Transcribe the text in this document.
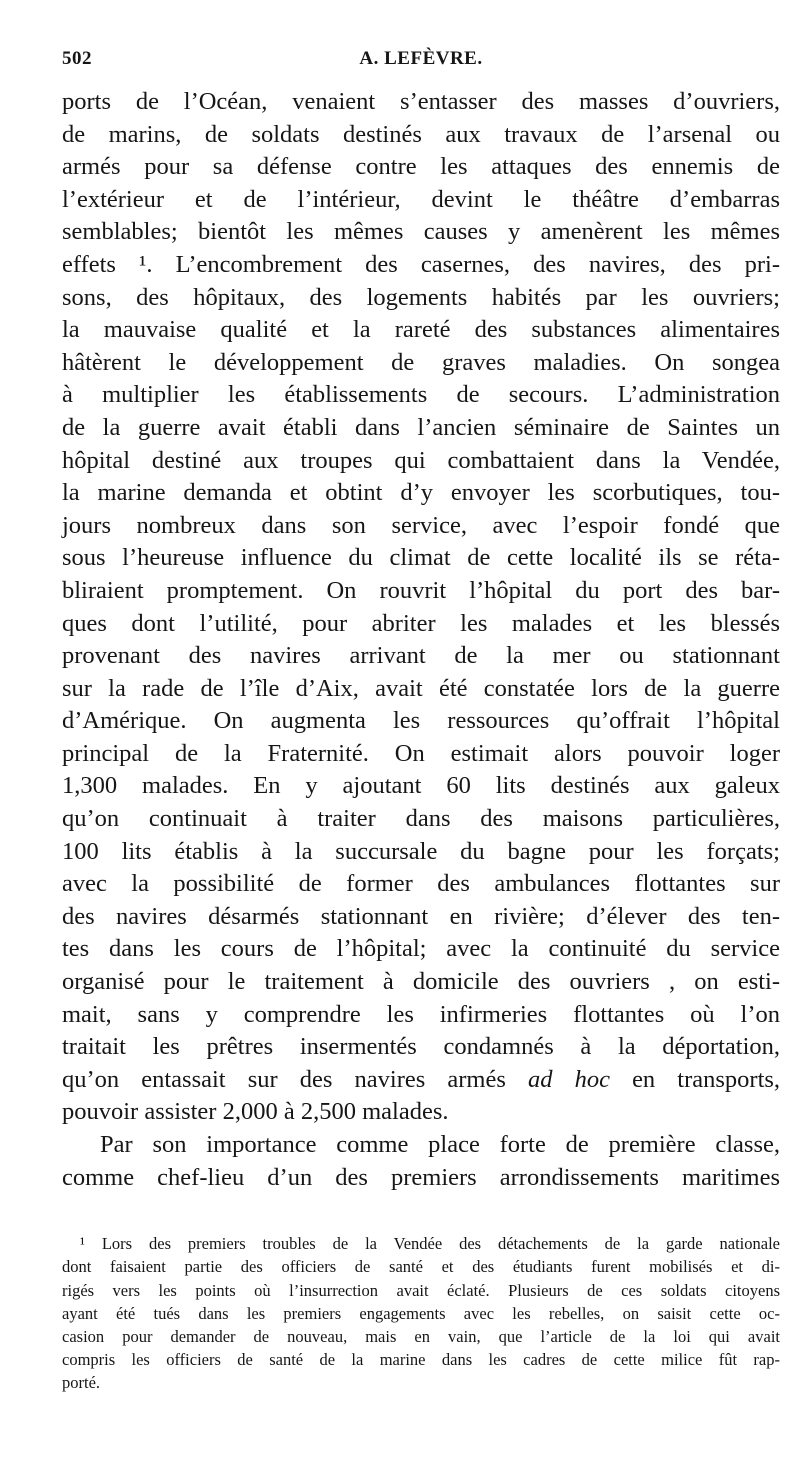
502	A. LEFÈVRE.
ports de l’Océan, venaient s’entasser des masses d’ouvriers,
de marins, de soldats destinés aux travaux de l’arsenal ou
armés pour sa défense contre les attaques des ennemis de
l’extérieur et de l’intérieur, devint le théâtre d’embarras
semblables; bientôt les mêmes causes y amenèrent les mêmes
effets ¹. L’encombrement des casernes, des navires, des pri-
sons, des hôpitaux, des logements habités par les ouvriers;
la mauvaise qualité et la rareté des substances alimentaires
hâtèrent le développement de graves maladies. On songea
à multiplier les établissements de secours. L’administration
de la guerre avait établi dans l’ancien séminaire de Saintes un
hôpital destiné aux troupes qui combattaient dans la Vendée,
la marine demanda et obtint d’y envoyer les scorbutiques, tou-
jours nombreux dans son service, avec l’espoir fondé que
sous l’heureuse influence du climat de cette localité ils se réta-
bliraient promptement. On rouvrit l’hôpital du port des bar-
ques dont l’utilité, pour abriter les malades et les blessés
provenant des navires arrivant de la mer ou stationnant
sur la rade de l’île d’Aix, avait été constatée lors de la guerre
d’Amérique. On augmenta les ressources qu’offrait l’hôpital
principal de la Fraternité. On estimait alors pouvoir loger
1,300 malades. En y ajoutant 60 lits destinés aux galeux
qu’on continuait à traiter dans des maisons particulières,
100 lits établis à la succursale du bagne pour les forçats;
avec la possibilité de former des ambulances flottantes sur
des navires désarmés stationnant en rivière; d’élever des ten-
tes dans les cours de l’hôpital; avec la continuité du service
organisé pour le traitement à domicile des ouvriers , on esti-
mait, sans y comprendre les infirmeries flottantes où l’on
traitait les prêtres insermentés condamnés à la déportation,
qu’on entassait sur des navires armés ad hoc en transports,
pouvoir assister 2,000 à 2,500 malades.
Par son importance comme place forte de première classe,
comme chef-lieu d’un des premiers arrondissements maritimes
¹ Lors des premiers troubles de la Vendée des détachements de la garde nationale
dont faisaient partie des officiers de santé et des étudiants furent mobilisés et di-
rigés vers les points où l’insurrection avait éclaté. Plusieurs de ces soldats citoyens
ayant été tués dans les premiers engagements avec les rebelles, on saisit cette oc-
casion pour demander de nouveau, mais en vain, que l’article de la loi qui avait
compris les officiers de santé de la marine dans les cadres de cette milice fût rap-
porté.
